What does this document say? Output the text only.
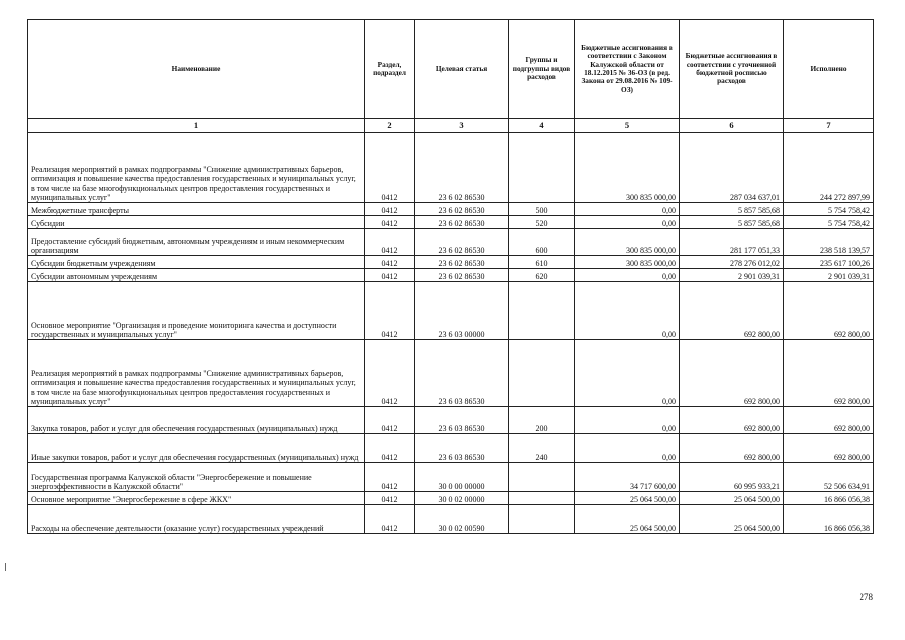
Наименование	Раздел, подраздел	Целевая статья	Группы и подгруппы видов расходов	Бюджетные ассигнования в соответствии с Законом Калужской области от 18.12.2015 № 36-ОЗ (в ред. Закона от 29.08.2016 № 109-ОЗ)	Бюджетные ассигнования в соответствии с уточненной бюджетной росписью расходов	Исполнено
1	2	3	4	5	6	7
Реализация мероприятий в рамках подпрограммы "Снижение административных барьеров, оптимизация и повышение качества предоставления государственных и муниципальных услуг, в том числе на базе многофункциональных центров предоставления государственных и муниципальных услуг"	0412	23 6 02 86530		300 835 000,00	287 034 637,01	244 272 897,99
Межбюджетные трансферты	0412	23 6 02 86530	500	0,00	5 857 585,68	5 754 758,42
Субсидии	0412	23 6 02 86530	520	0,00	5 857 585,68	5 754 758,42
Предоставление субсидий бюджетным, автономным учреждениям и иным некоммерческим организациям	0412	23 6 02 86530	600	300 835 000,00	281 177 051,33	238 518 139,57
Субсидии бюджетным учреждениям	0412	23 6 02 86530	610	300 835 000,00	278 276 012,02	235 617 100,26
Субсидии автономным учреждениям	0412	23 6 02 86530	620	0,00	2 901 039,31	2 901 039,31
Основное мероприятие "Организация и проведение мониторинга качества и доступности государственных и муниципальных услуг"	0412	23 6 03 00000		0,00	692 800,00	692 800,00
Реализация мероприятий в рамках подпрограммы "Снижение административных барьеров, оптимизация и повышение качества предоставления государственных и муниципальных услуг, в том числе на базе многофункциональных центров предоставления государственных и муниципальных услуг"	0412	23 6 03 86530		0,00	692 800,00	692 800,00
Закупка товаров, работ и услуг для обеспечения государственных (муниципальных) нужд	0412	23 6 03 86530	200	0,00	692 800,00	692 800,00
Иные закупки товаров, работ и услуг для обеспечения государственных (муниципальных) нужд	0412	23 6 03 86530	240	0,00	692 800,00	692 800,00
Государственная программа Калужской области "Энергосбережение и повышение энергоэффективности в Калужской области"	0412	30 0 00 00000		34 717 600,00	60 995 933,21	52 506 634,91
Основное мероприятие "Энергосбережение в сфере ЖКХ"	0412	30 0 02 00000		25 064 500,00	25 064 500,00	16 866 056,38
Расходы на обеспечение деятельности (оказание услуг) государственных учреждений	0412	30 0 02 00590		25 064 500,00	25 064 500,00	16 866 056,38
278
